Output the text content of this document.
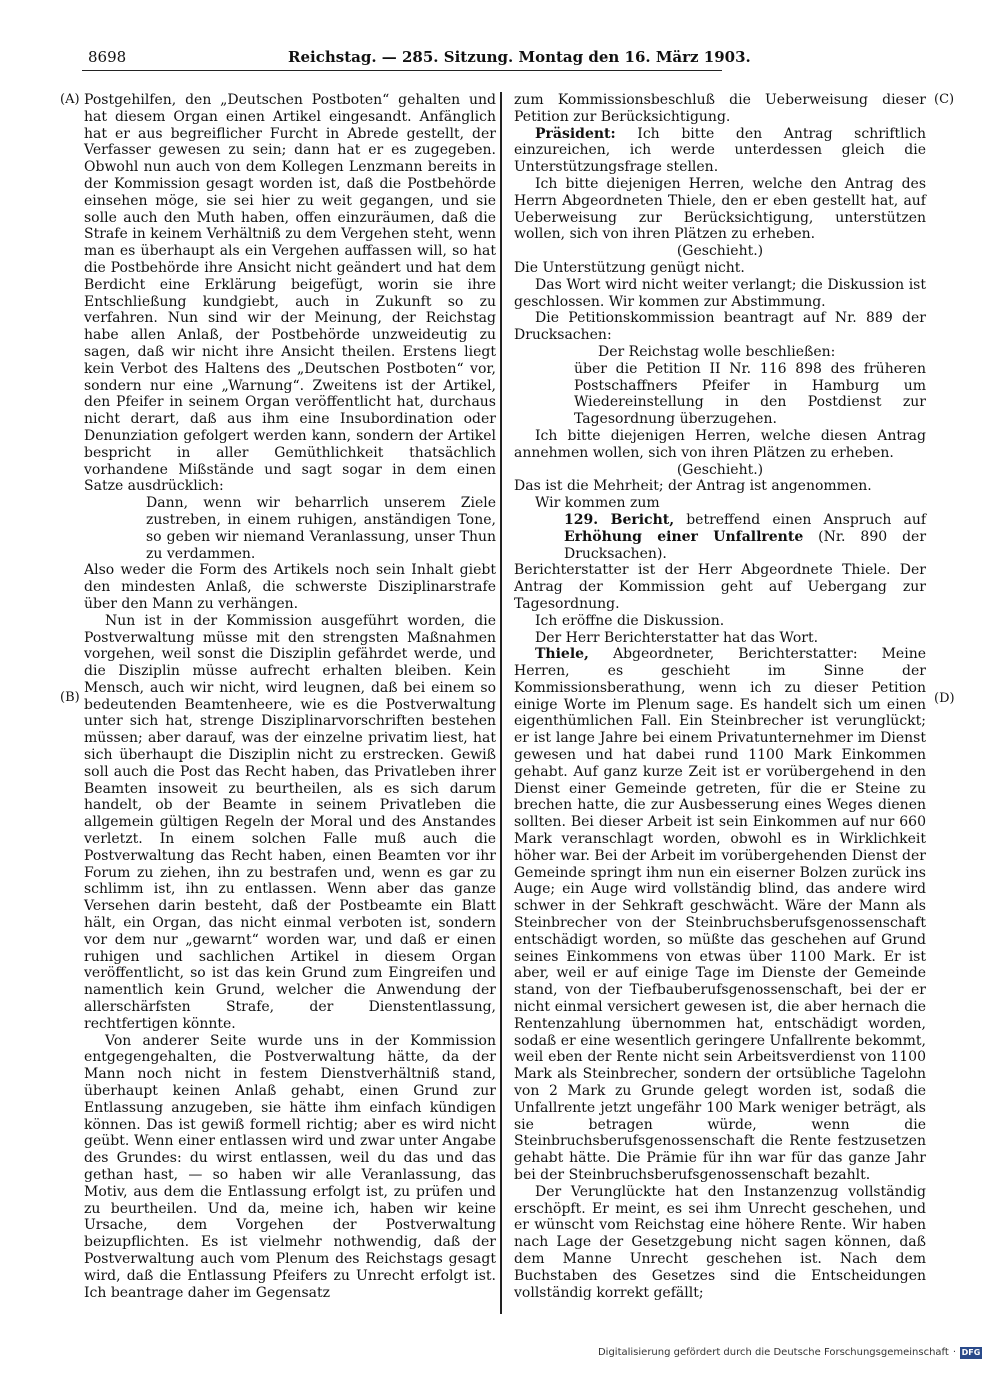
8698	Reichstag. — 285. Sitzung. Montag den 16. März 1903.
(A)
(B)
(C)
(D)

Postgehilfen, den „Deutschen Postboten“ gehalten und hat diesem Organ einen Artikel eingesandt. Anfänglich hat er aus begreiflicher Furcht in Abrede gestellt, der Verfasser gewesen zu sein; dann hat er es zugegeben. Obwohl nun auch von dem Kollegen Lenzmann bereits in der Kommission gesagt worden ist, daß die Postbehörde einsehen möge, sie sei hier zu weit gegangen, und sie solle auch den Muth haben, offen einzuräumen, daß die Strafe in keinem Verhältniß zu dem Vergehen steht, wenn man es überhaupt als ein Vergehen auffassen will, so hat die Postbehörde ihre Ansicht nicht geändert und hat dem Berdicht eine Erklärung beigefügt, worin sie ihre Entschließung kundgiebt, auch in Zukunft so zu verfahren. Nun sind wir der Meinung, der Reichstag habe allen Anlaß, der Postbehörde unzweideutig zu sagen, daß wir nicht ihre Ansicht theilen. Erstens liegt kein Verbot des Haltens des „Deutschen Postboten“ vor, sondern nur eine „Warnung“. Zweitens ist der Artikel, den Pfeifer in seinem Organ veröffentlicht hat, durchaus nicht derart, daß aus ihm eine Insubordination oder Denunziation gefolgert werden kann, sondern der Artikel bespricht in aller Gemüthlichkeit thatsächlich vorhandene Mißstände und sagt sogar in dem einen Satze ausdrücklich:

Dann, wenn wir beharrlich unserem Ziele zustreben, in einem ruhigen, anständigen Tone, so geben wir niemand Veranlassung, unser Thun zu verdammen.

Also weder die Form des Artikels noch sein Inhalt giebt den mindesten Anlaß, die schwerste Disziplinarstrafe über den Mann zu verhängen.

Nun ist in der Kommission ausgeführt worden, die Postverwaltung müsse mit den strengsten Maßnahmen vorgehen, weil sonst die Disziplin gefährdet werde, und die Disziplin müsse aufrecht erhalten bleiben. Kein Mensch, auch wir nicht, wird leugnen, daß bei einem so bedeutenden Beamtenheere, wie es die Postverwaltung unter sich hat, strenge Disziplinarvorschriften bestehen müssen; aber darauf, was der einzelne privatim liest, hat sich überhaupt die Disziplin nicht zu erstrecken. Gewiß soll auch die Post das Recht haben, das Privatleben ihrer Beamten insoweit zu beurtheilen, als es sich darum handelt, ob der Beamte in seinem Privatleben die allgemein gültigen Regeln der Moral und des Anstandes verletzt. In einem solchen Falle muß auch die Postverwaltung das Recht haben, einen Beamten vor ihr Forum zu ziehen, ihn zu bestrafen und, wenn es gar zu schlimm ist, ihn zu entlassen. Wenn aber das ganze Versehen darin besteht, daß der Postbeamte ein Blatt hält, ein Organ, das nicht einmal verboten ist, sondern vor dem nur „gewarnt“ worden war, und daß er einen ruhigen und sachlichen Artikel in diesem Organ veröffentlicht, so ist das kein Grund zum Eingreifen und namentlich kein Grund, welcher die Anwendung der allerschärfsten Strafe, der Dienstentlassung, rechtfertigen könnte.

Von anderer Seite wurde uns in der Kommission entgegengehalten, die Postverwaltung hätte, da der Mann noch nicht in festem Dienstverhältniß stand, überhaupt keinen Anlaß gehabt, einen Grund zur Entlassung anzugeben, sie hätte ihm einfach kündigen können. Das ist gewiß formell richtig; aber es wird nicht geübt. Wenn einer entlassen wird und zwar unter Angabe des Grundes: du wirst entlassen, weil du das und das gethan hast, — so haben wir alle Veranlassung, das Motiv, aus dem die Entlassung erfolgt ist, zu prüfen und zu beurtheilen. Und da, meine ich, haben wir keine Ursache, dem Vorgehen der Postverwaltung beizupflichten. Es ist vielmehr nothwendig, daß der Postverwaltung auch vom Plenum des Reichstags gesagt wird, daß die Entlassung Pfeifers zu Unrecht erfolgt ist. Ich beantrage daher im Gegensatz

zum Kommissionsbeschluß die Ueberweisung dieser Petition zur Berücksichtigung.

Präsident: Ich bitte den Antrag schriftlich einzureichen, ich werde unterdessen gleich die Unterstützungsfrage stellen.

Ich bitte diejenigen Herren, welche den Antrag des Herrn Abgeordneten Thiele, den er eben gestellt hat, auf Ueberweisung zur Berücksichtigung, unterstützen wollen, sich von ihren Plätzen zu erheben.

(Geschieht.)

Die Unterstützung genügt nicht.

Das Wort wird nicht weiter verlangt; die Diskussion ist geschlossen. Wir kommen zur Abstimmung.

Die Petitionskommission beantragt auf Nr. 889 der Drucksachen:

Der Reichstag wolle beschließen:

über die Petition II Nr. 116 898 des früheren Postschaffners Pfeifer in Hamburg um Wiedereinstellung in den Postdienst zur Tagesordnung überzugehen.

Ich bitte diejenigen Herren, welche diesen Antrag annehmen wollen, sich von ihren Plätzen zu erheben.

(Geschieht.)

Das ist die Mehrheit; der Antrag ist angenommen.

Wir kommen zum

129. Bericht, betreffend einen Anspruch auf Erhöhung einer Unfallrente (Nr. 890 der Drucksachen).

Berichterstatter ist der Herr Abgeordnete Thiele. Der Antrag der Kommission geht auf Uebergang zur Tagesordnung.

Ich eröffne die Diskussion.

Der Herr Berichterstatter hat das Wort.

Thiele, Abgeordneter, Berichterstatter: Meine Herren, es geschieht im Sinne der Kommissionsberathung, wenn ich zu dieser Petition einige Worte im Plenum sage. Es handelt sich um einen eigenthümlichen Fall. Ein Steinbrecher ist verunglückt; er ist lange Jahre bei einem Privatunternehmer im Dienst gewesen und hat dabei rund 1100 Mark Einkommen gehabt. Auf ganz kurze Zeit ist er vorübergehend in den Dienst einer Gemeinde getreten, für die er Steine zu brechen hatte, die zur Ausbesserung eines Weges dienen sollten. Bei dieser Arbeit ist sein Einkommen auf nur 660 Mark veranschlagt worden, obwohl es in Wirklichkeit höher war. Bei der Arbeit im vorübergehenden Dienst der Gemeinde springt ihm nun ein eiserner Bolzen zurück ins Auge; ein Auge wird vollständig blind, das andere wird schwer in der Sehkraft geschwächt. Wäre der Mann als Steinbrecher von der Steinbruchsberufsgenossenschaft entschädigt worden, so müßte das geschehen auf Grund seines Einkommens von etwas über 1100 Mark. Er ist aber, weil er auf einige Tage im Dienste der Gemeinde stand, von der Tiefbauberufsgenossenschaft, bei der er nicht einmal versichert gewesen ist, die aber hernach die Rentenzahlung übernommen hat, entschädigt worden, sodaß er eine wesentlich geringere Unfallrente bekommt, weil eben der Rente nicht sein Arbeitsverdienst von 1100 Mark als Steinbrecher, sondern der ortsübliche Tagelohn von 2 Mark zu Grunde gelegt worden ist, sodaß die Unfallrente jetzt ungefähr 100 Mark weniger beträgt, als sie betragen würde, wenn die Steinbruchsberufsgenossenschaft die Rente festzusetzen gehabt hätte. Die Prämie für ihn war für das ganze Jahr bei der Steinbruchsberufsgenossenschaft bezahlt.

Der Verunglückte hat den Instanzenzug vollständig erschöpft. Er meint, es sei ihm Unrecht geschehen, und er wünscht vom Reichstag eine höhere Rente. Wir haben nach Lage der Gesetzgebung nicht sagen können, daß dem Manne Unrecht geschehen ist. Nach dem Buchstaben des Gesetzes sind die Entscheidungen vollständig korrekt gefällt;

Digitalisierung gefördert durch die Deutsche Forschungsgemeinschaft · DFG
